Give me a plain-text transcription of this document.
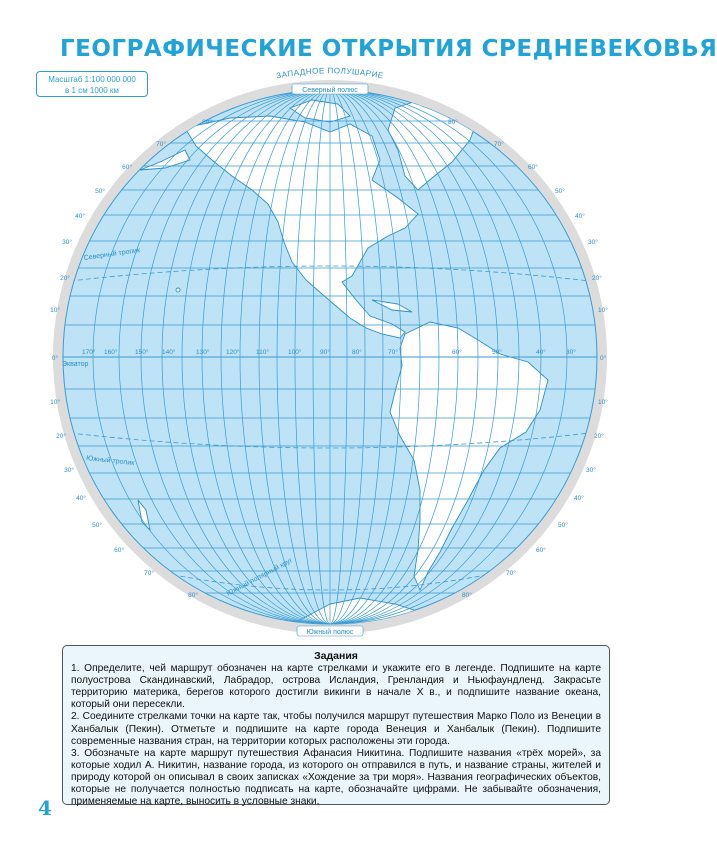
ЗАПАДНОЕ ПОЛУШАРИЕ
Северный полюс
Южный полюс
Северный тропик
Экватор
Южный тропик
Южный полярный круг
170° 160°	150° 140°	130°	120°	110°	100°	90°	80°	70°	60°	50°	40°	30°
80°
70°
60°
50°
40°
30°
20°
10°
0°
10°
20°
30°
40°
50°
60°
70°
80°
80°
70°
60°
50°
40°
30°
20°
10°
0°
10°
20°
30°
40°
50°
60°
70°
80°
ГЕОГРАФИЧЕСКИЕ ОТКРЫТИЯ СРЕДНЕВЕКОВЬЯ
Масштаб 1:100 000 000
в 1 см 1000 км
Задания

1. Определите, чей маршрут обозначен на карте стрелками и укажите его в легенде. Подпишите на карте полуострова Скандинавский, Лабрадор, острова Исландия, Гренландия и Ньюфаундленд. Закрасьте территорию материка, берегов которого достигли викинги в начале X в., и подпишите название океана, который они пересекли.

2. Соедините стрелками точки на карте так, чтобы получился маршрут путешествия Марко Поло из Венеции в Ханбалык (Пекин). Отметьте и подпишите на карте города Венеция и Ханбалык (Пекин). Подпишите современные названия стран, на территории которых расположены эти города.

3. Обозначьте на карте маршрут путешествия Афанасия Никитина. Подпишите названия «трёх морей», за которые ходил А. Никитин, название города, из которого он отправился в путь, и название страны, жителей и природу которой он описывал в своих записках «Хождение за три моря». Названия географических объектов, которые не получается полностью подписать на карте, обозначайте цифрами. Не забывайте обозначения, применяемые на карте, выносить в условные знаки.

4
